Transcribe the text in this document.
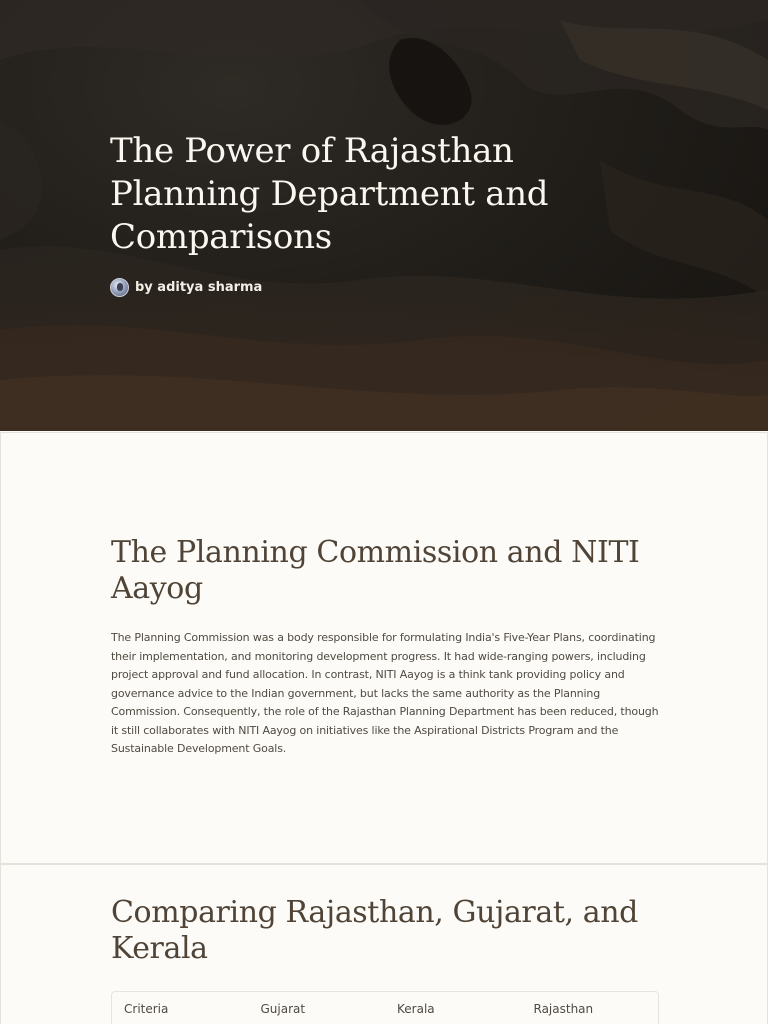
The Power of Rajasthan Planning Department and Comparisons
by aditya sharma
The Planning Commission and NITI Aayog

The Planning Commission was a body responsible for formulating India's Five-Year Plans, coordinating their implementation, and monitoring development progress. It had wide-ranging powers, including project approval and fund allocation. In contrast, NITI Aayog is a think tank providing policy and governance advice to the Indian government, but lacks the same authority as the Planning Commission. Consequently, the role of the Rajasthan Planning Department has been reduced, though it still collaborates with NITI Aayog on initiatives like the Aspirational Districts Program and the Sustainable Development Goals.

Comparing Rajasthan, Gujarat, and Kerala
Criteria	Gujarat	Kerala	Rajasthan
